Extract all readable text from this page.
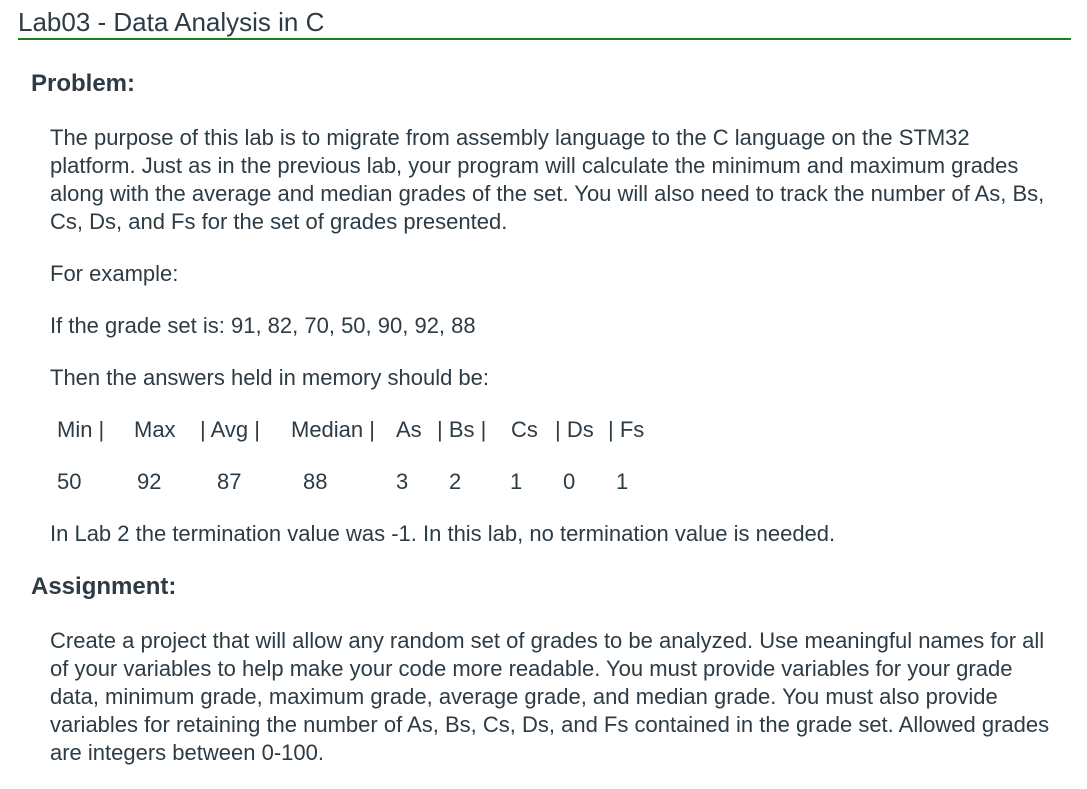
Lab03 - Data Analysis in C
Problem:
The purpose of this lab is to migrate from assembly language to the C language on the STM32 platform. Just as in the previous lab, your program will calculate the minimum and maximum grades along with the average and median grades of the set. You will also need to track the number of As, Bs, Cs, Ds, and Fs for the set of grades presented.
For example:
If the grade set is: 91, 82, 70, 50, 90, 92, 88
Then the answers held in memory should be:
Min | Max | Avg | Median | As | Bs | Cs | Ds | Fs
50	92	87	88	3 2 1 0 1
In Lab 2 the termination value was -1. In this lab, no termination value is needed.
Assignment:
Create a project that will allow any random set of grades to be analyzed. Use meaningful names for all of your variables to help make your code more readable. You must provide variables for your grade data, minimum grade, maximum grade, average grade, and median grade. You must also provide variables for retaining the number of As, Bs, Cs, Ds, and Fs contained in the grade set. Allowed grades are integers between 0-100.
